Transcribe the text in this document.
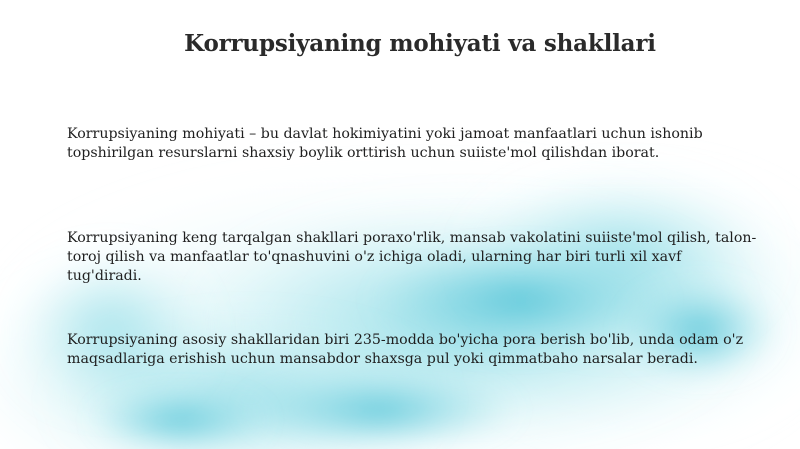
Korrupsiyaning mohiyati va shakllari

Korrupsiyaning mohiyati – bu davlat hokimiyatini yoki jamoat manfaatlari uchun ishonib topshirilgan resurslarni shaxsiy boylik orttirish uchun suiiste'mol qilishdan iborat.

Korrupsiyaning keng tarqalgan shakllari poraxo'rlik, mansab vakolatini suiiste'mol qilish, talon-toroj qilish va manfaatlar to'qnashuvini o'z ichiga oladi, ularning har biri turli xil xavf tug'diradi.

Korrupsiyaning asosiy shakllaridan biri 235-modda bo'yicha pora berish bo'lib, unda odam o'z maqsadlariga erishish uchun mansabdor shaxsga pul yoki qimmatbaho narsalar beradi.
